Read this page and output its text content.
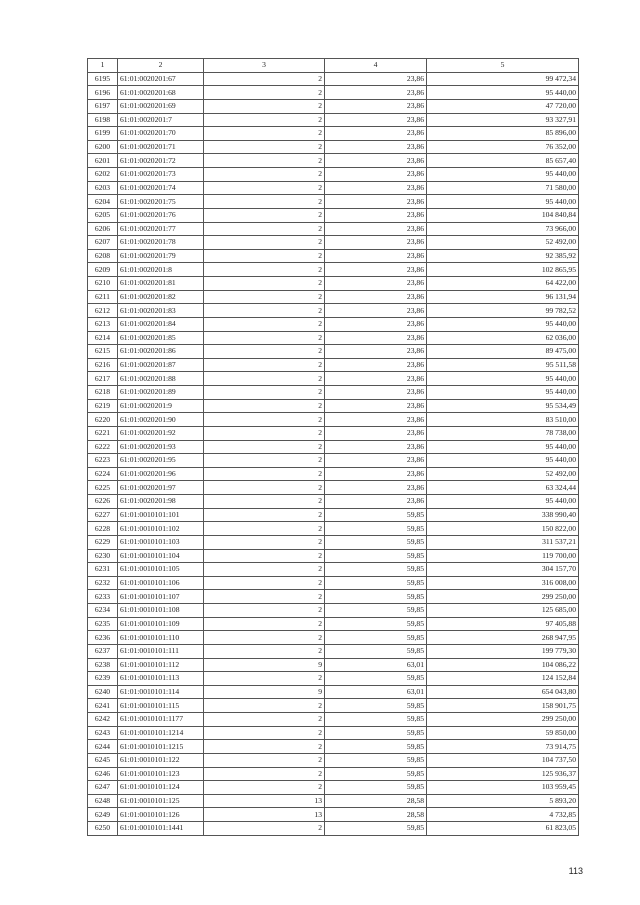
1	2	3	4	5
6195	61:01:0020201:67	2	23,86	99 472,34
6196	61:01:0020201:68	2	23,86	95 440,00
6197	61:01:0020201:69	2	23,86	47 720,00
6198	61:01:0020201:7	2	23,86	93 327,91
6199	61:01:0020201:70	2	23,86	85 896,00
6200	61:01:0020201:71	2	23,86	76 352,00
6201	61:01:0020201:72	2	23,86	85 657,40
6202	61:01:0020201:73	2	23,86	95 440,00
6203	61:01:0020201:74	2	23,86	71 580,00
6204	61:01:0020201:75	2	23,86	95 440,00
6205	61:01:0020201:76	2	23,86	104 840,84
6206	61:01:0020201:77	2	23,86	73 966,00
6207	61:01:0020201:78	2	23,86	52 492,00
6208	61:01:0020201:79	2	23,86	92 385,92
6209	61:01:0020201:8	2	23,86	102 865,95
6210	61:01:0020201:81	2	23,86	64 422,00
6211	61:01:0020201:82	2	23,86	96 131,94
6212	61:01:0020201:83	2	23,86	99 782,52
6213	61:01:0020201:84	2	23,86	95 440,00
6214	61:01:0020201:85	2	23,86	62 036,00
6215	61:01:0020201:86	2	23,86	89 475,00
6216	61:01:0020201:87	2	23,86	95 511,58
6217	61:01:0020201:88	2	23,86	95 440,00
6218	61:01:0020201:89	2	23,86	95 440,00
6219	61:01:0020201:9	2	23,86	95 534,49
6220	61:01:0020201:90	2	23,86	83 510,00
6221	61:01:0020201:92	2	23,86	78 738,00
6222	61:01:0020201:93	2	23,86	95 440,00
6223	61:01:0020201:95	2	23,86	95 440,00
6224	61:01:0020201:96	2	23,86	52 492,00
6225	61:01:0020201:97	2	23,86	63 324,44
6226	61:01:0020201:98	2	23,86	95 440,00
6227	61:01:0010101:101	2	59,85	338 990,40
6228	61:01:0010101:102	2	59,85	150 822,00
6229	61:01:0010101:103	2	59,85	311 537,21
6230	61:01:0010101:104	2	59,85	119 700,00
6231	61:01:0010101:105	2	59,85	304 157,70
6232	61:01:0010101:106	2	59,85	316 008,00
6233	61:01:0010101:107	2	59,85	299 250,00
6234	61:01:0010101:108	2	59,85	125 685,00
6235	61:01:0010101:109	2	59,85	97 405,88
6236	61:01:0010101:110	2	59,85	268 947,95
6237	61:01:0010101:111	2	59,85	199 779,30
6238	61:01:0010101:112	9	63,01	104 086,22
6239	61:01:0010101:113	2	59,85	124 152,84
6240	61:01:0010101:114	9	63,01	654 043,80
6241	61:01:0010101:115	2	59,85	158 901,75
6242	61:01:0010101:1177	2	59,85	299 250,00
6243	61:01:0010101:1214	2	59,85	59 850,00
6244	61:01:0010101:1215	2	59,85	73 914,75
6245	61:01:0010101:122	2	59,85	104 737,50
6246	61:01:0010101:123	2	59,85	125 936,37
6247	61:01:0010101:124	2	59,85	103 959,45
6248	61:01:0010101:125	13	28,58	5 893,20
6249	61:01:0010101:126	13	28,58	4 732,85
6250	61:01:0010101:1441	2	59,85	61 823,05
113
